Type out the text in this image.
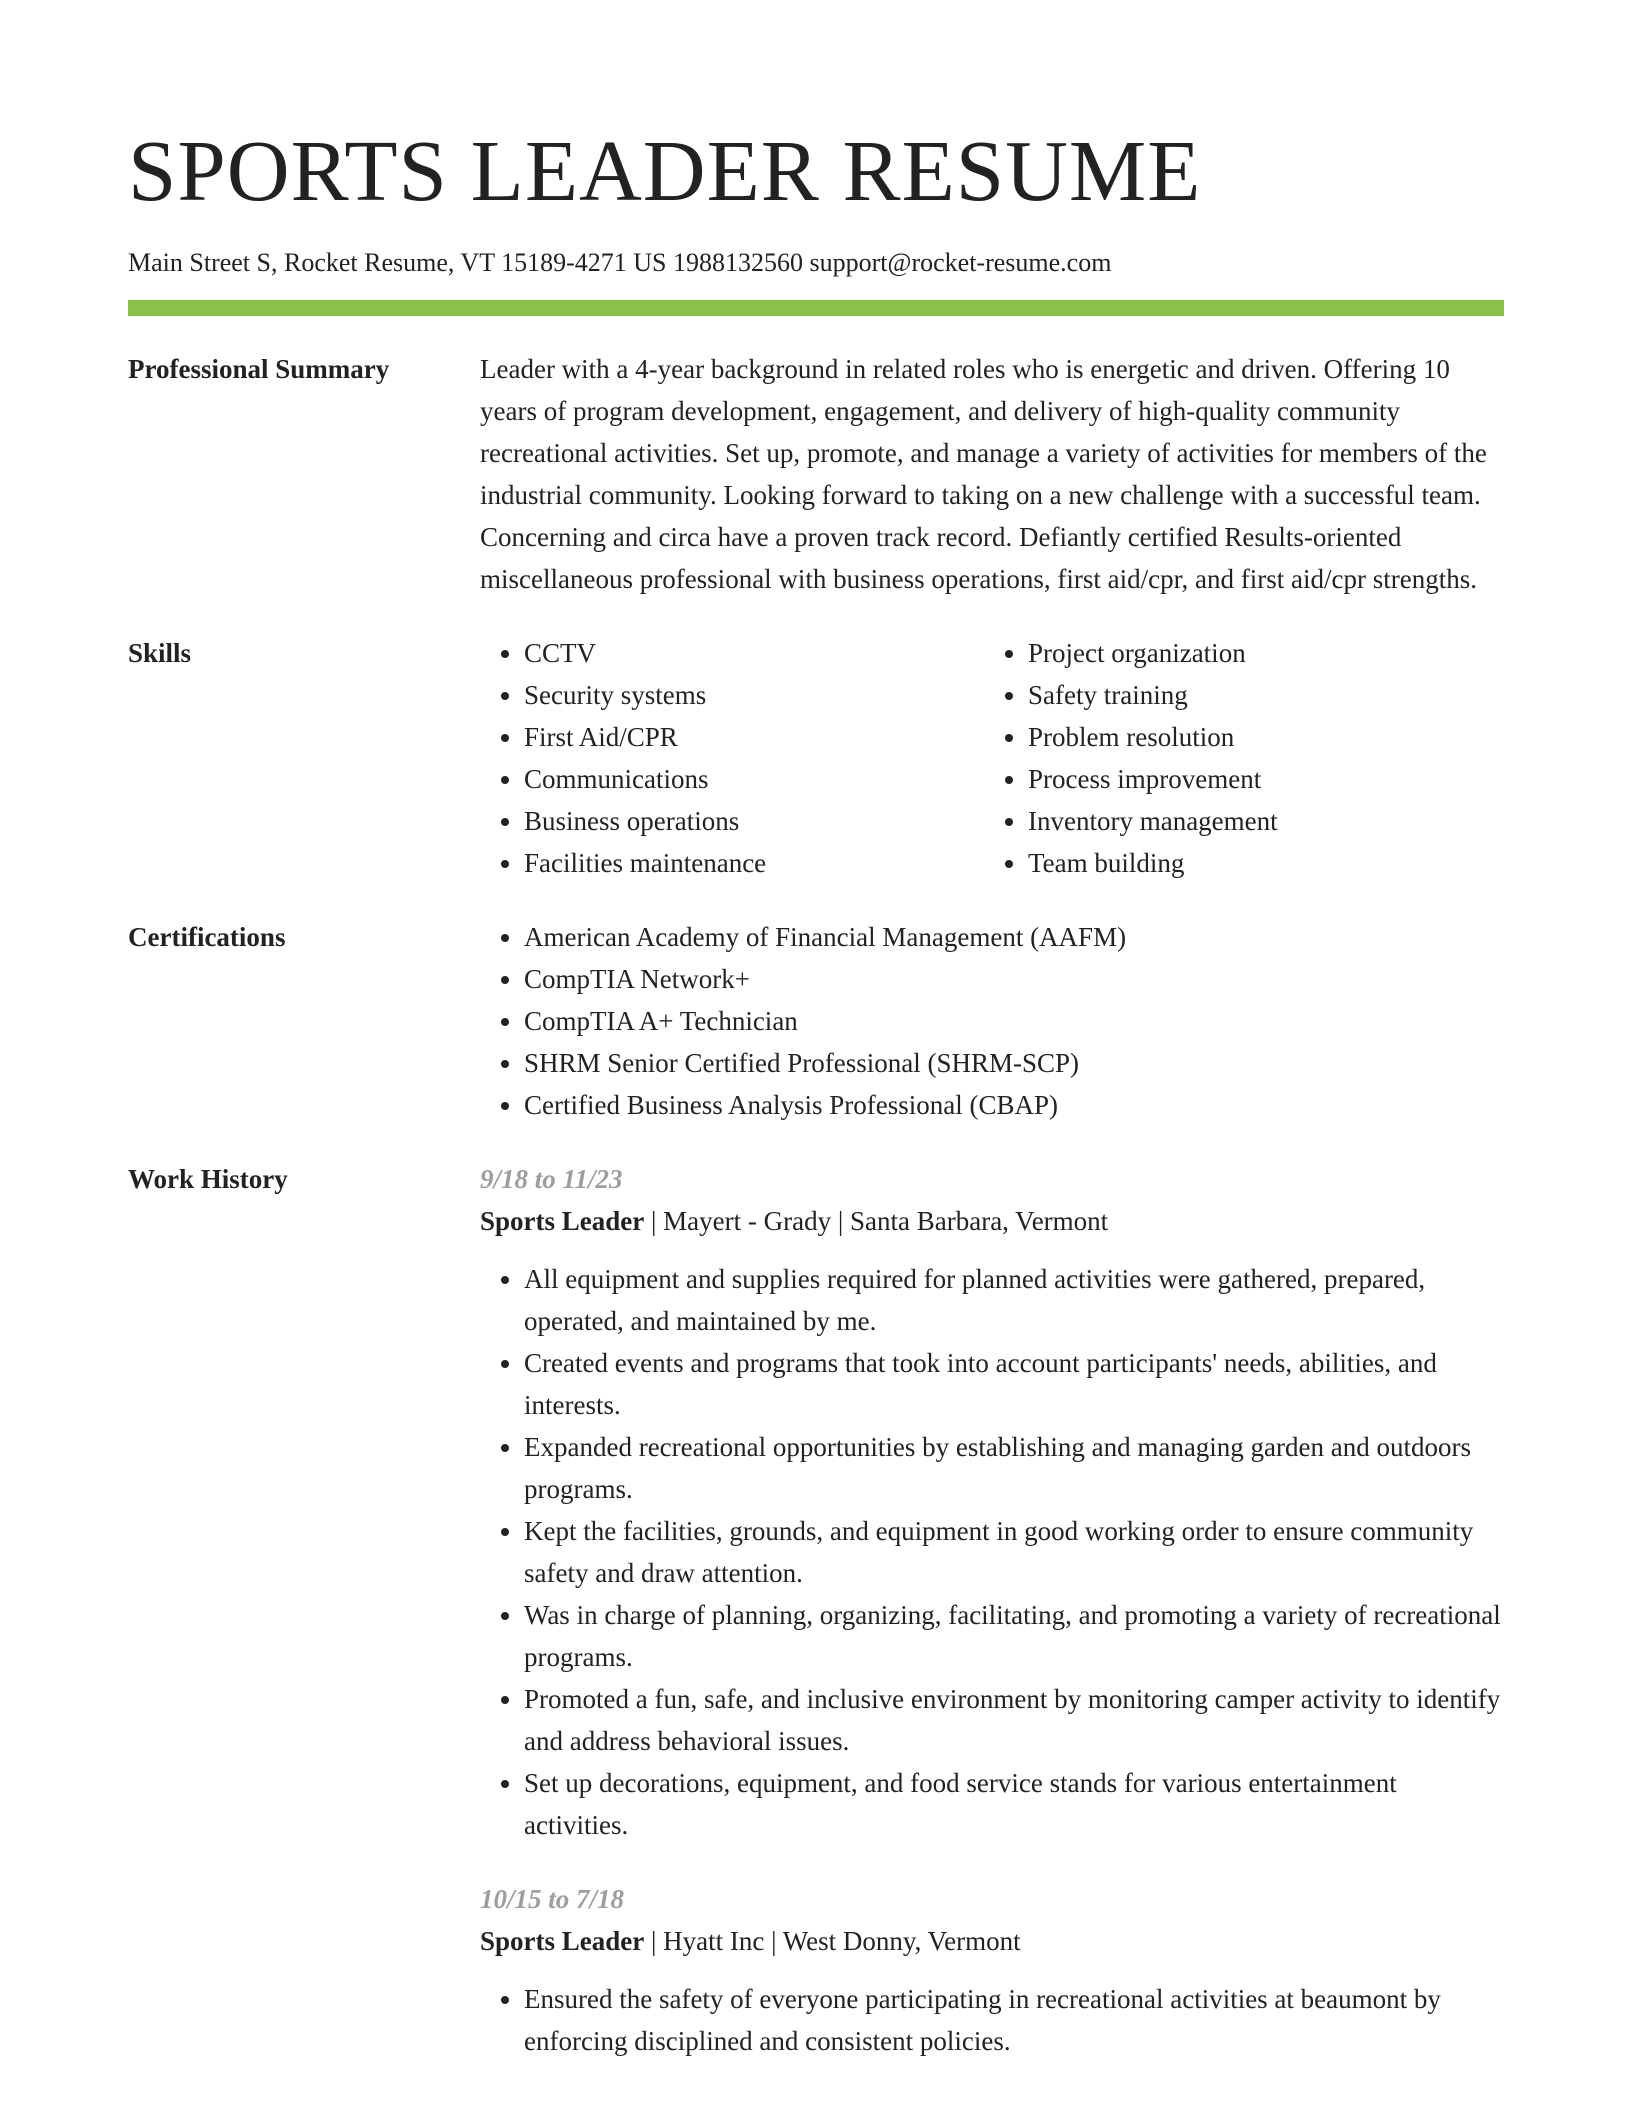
SPORTS LEADER RESUME
Main Street S, Rocket Resume, VT 15189-4271 US 1988132560 support@rocket-resume.com
Professional Summary	Leader with a 4-year background in related roles who is energetic and driven. Offering 10 years of program development, engagement, and delivery of high-quality community recreational activities. Set up, promote, and manage a variety of activities for members of the industrial community. Looking forward to taking on a new challenge with a successful team. Concerning and circa have a proven track record. Defiantly certified Results-oriented miscellaneous professional with business operations, first aid/cpr, and first aid/cpr strengths.
Skills	• CCTV
• Security systems
• First Aid/CPR
• Communications
• Business operations
• Facilities maintenance
• Project organization
• Safety training
• Problem resolution
• Process improvement
• Inventory management
• Team building
Certifications	• American Academy of Financial Management (AAFM)
• CompTIA Network+
• CompTIA A+ Technician
• SHRM Senior Certified Professional (SHRM-SCP)
• Certified Business Analysis Professional (CBAP)
Work History	9/18 to 11/23
Sports Leader | Mayert - Grady | Santa Barbara, Vermont
• All equipment and supplies required for planned activities were gathered, prepared, operated, and maintained by me.
• Created events and programs that took into account participants' needs, abilities, and interests.
• Expanded recreational opportunities by establishing and managing garden and outdoors programs.
• Kept the facilities, grounds, and equipment in good working order to ensure community safety and draw attention.
• Was in charge of planning, organizing, facilitating, and promoting a variety of recreational programs.
• Promoted a fun, safe, and inclusive environment by monitoring camper activity to identify and address behavioral issues.
• Set up decorations, equipment, and food service stands for various entertainment activities.
10/15 to 7/18
Sports Leader | Hyatt Inc | West Donny, Vermont
• Ensured the safety of everyone participating in recreational activities at beaumont by enforcing disciplined and consistent policies.
